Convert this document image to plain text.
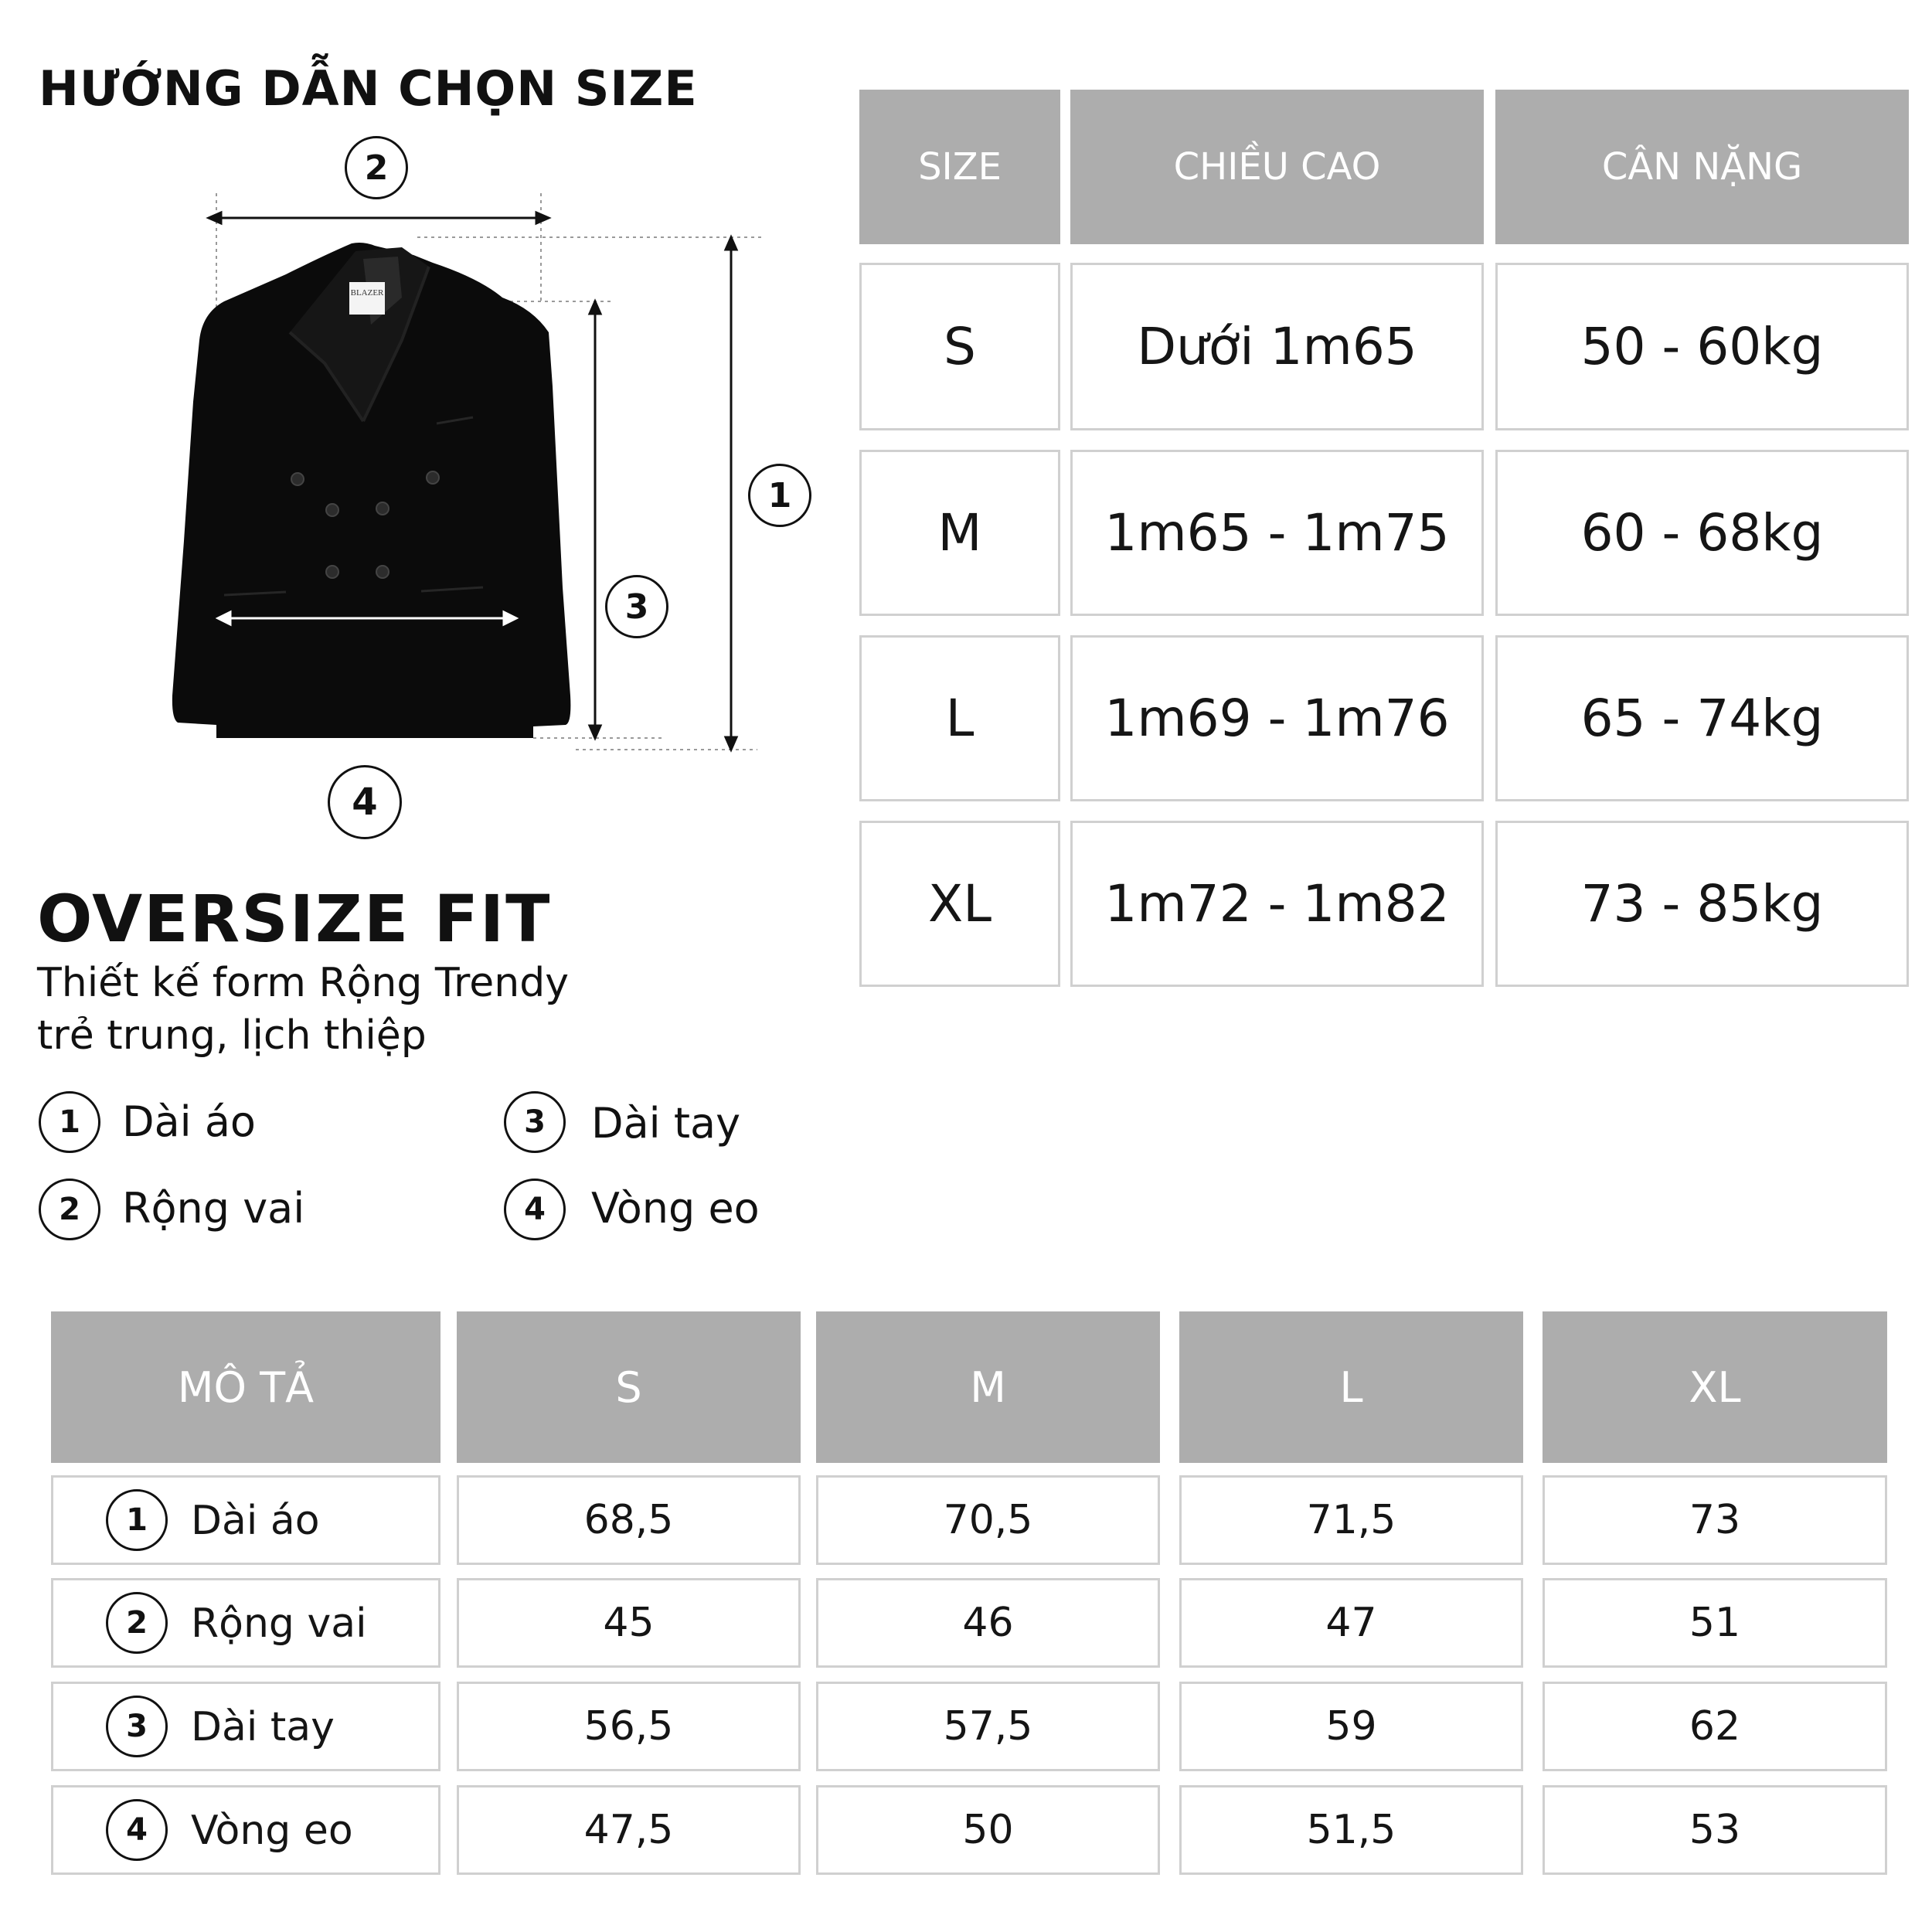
HƯỚNG DẪN CHỌN SIZE
BLAZER
2
1
3
4
OVERSIZE FIT
Thiết kế form Rộng Trendy
trẻ trung, lịch thiệp
1	Dài áo
2	Rộng vai
3	Dài tay
4	Vòng eo
SIZE	CHIỀU CAO	CÂN NẶNG
S	Dưới 1m65	50 - 60kg
M	1m65 - 1m75	60 - 68kg
L	1m69 - 1m76	65 - 74kg
XL	1m72 - 1m82	73 - 85kg
MÔ TẢ	S	M	L	XL
1	Dài áo	68,5	70,5	71,5	73
2	Rộng vai	45	46	47	51
3	Dài tay	56,5	57,5	59	62
4	Vòng eo	47,5	50	51,5	53
